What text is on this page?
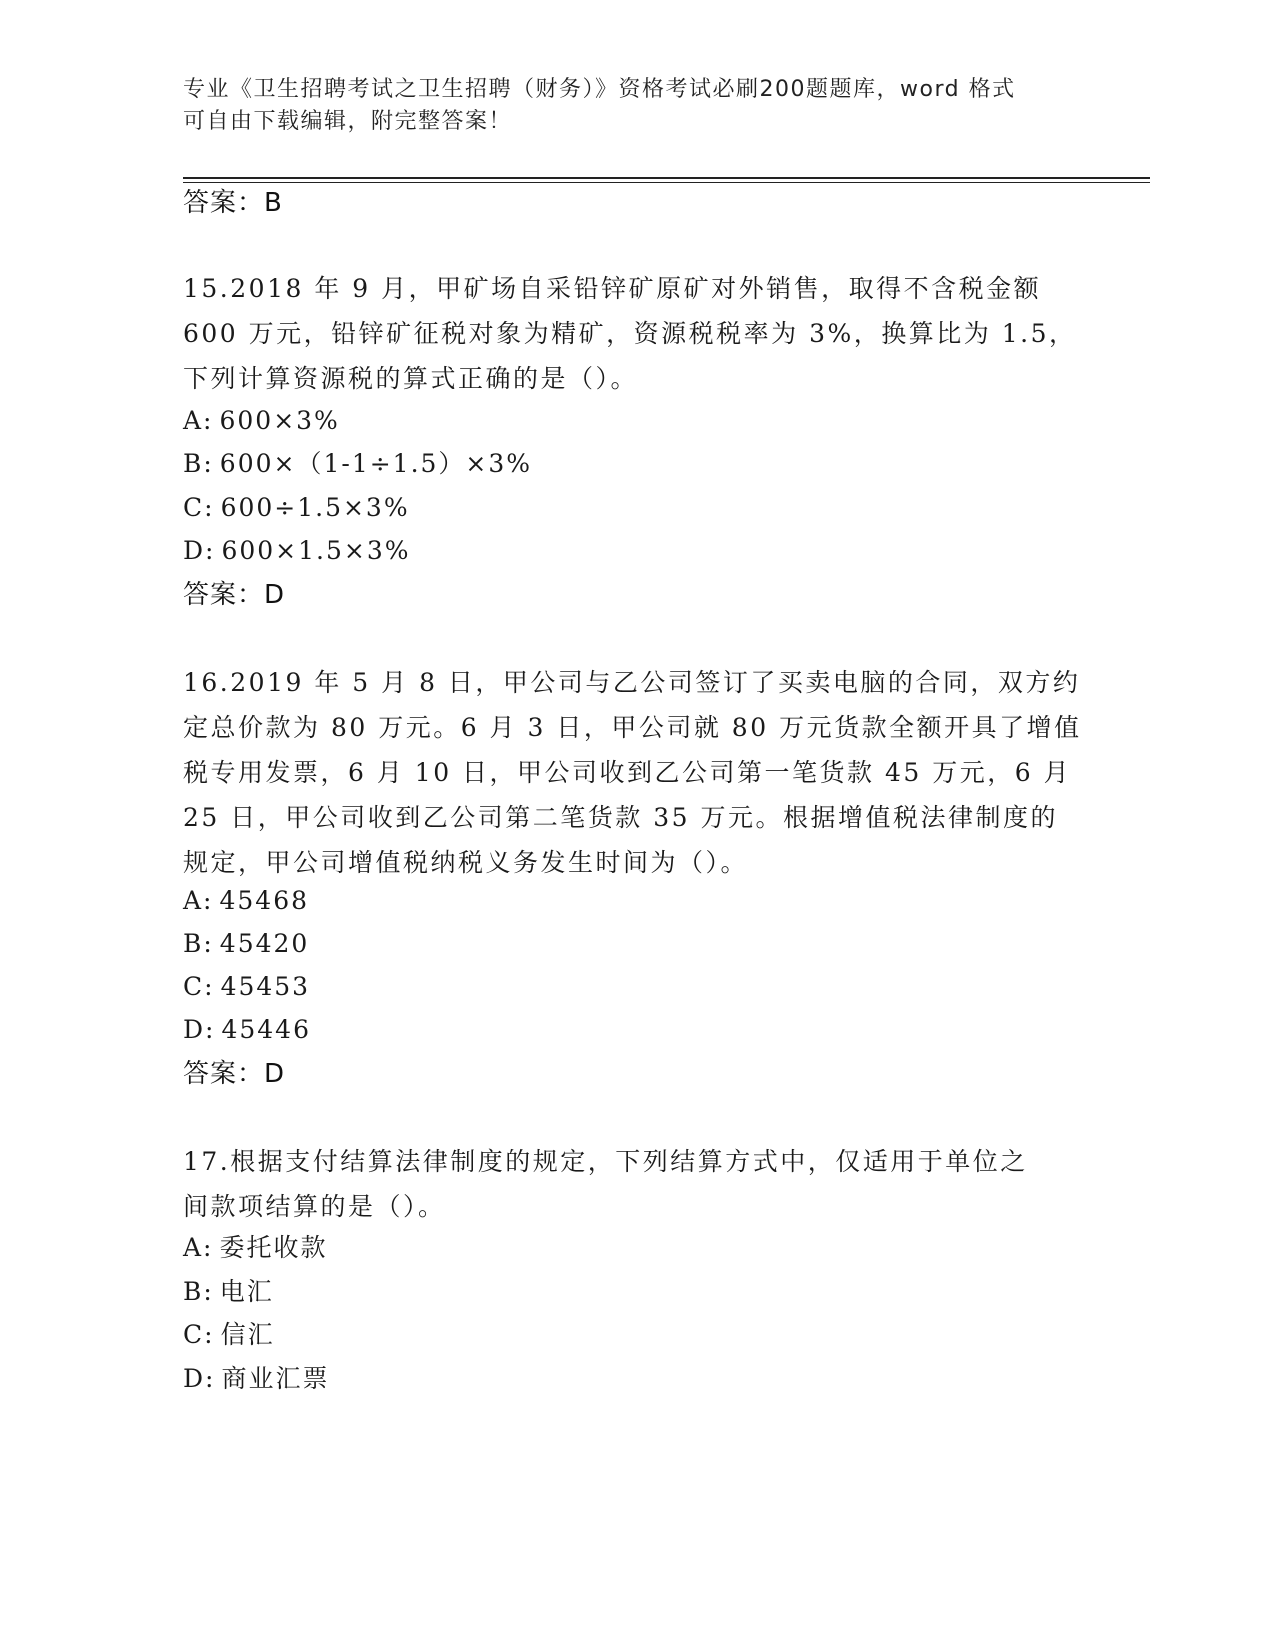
专业《卫生招聘考试之卫生招聘（财务）》资格考试必刷200题题库，word 格式
可自由下载编辑，附完整答案！
答案：B
15.2018 年 9 月，甲矿场自采铅锌矿原矿对外销售，取得不含税金额
600 万元，铅锌矿征税对象为精矿，资源税税率为 3%，换算比为 1.5，
下列计算资源税的算式正确的是（）。
A: 600×3%
B: 600×（1-1÷1.5）×3%
C: 600÷1.5×3%
D: 600×1.5×3%
答案：D
16.2019 年 5 月 8 日，甲公司与乙公司签订了买卖电脑的合同，双方约
定总价款为 80 万元。6 月 3 日，甲公司就 80 万元货款全额开具了增值
税专用发票，6 月 10 日，甲公司收到乙公司第一笔货款 45 万元，6 月
25 日，甲公司收到乙公司第二笔货款 35 万元。根据增值税法律制度的
规定，甲公司增值税纳税义务发生时间为（）。
A: 45468
B: 45420
C: 45453
D: 45446
答案：D
17.根据支付结算法律制度的规定，下列结算方式中，仅适用于单位之
间款项结算的是（）。
A: 委托收款
B: 电汇
C: 信汇
D: 商业汇票
